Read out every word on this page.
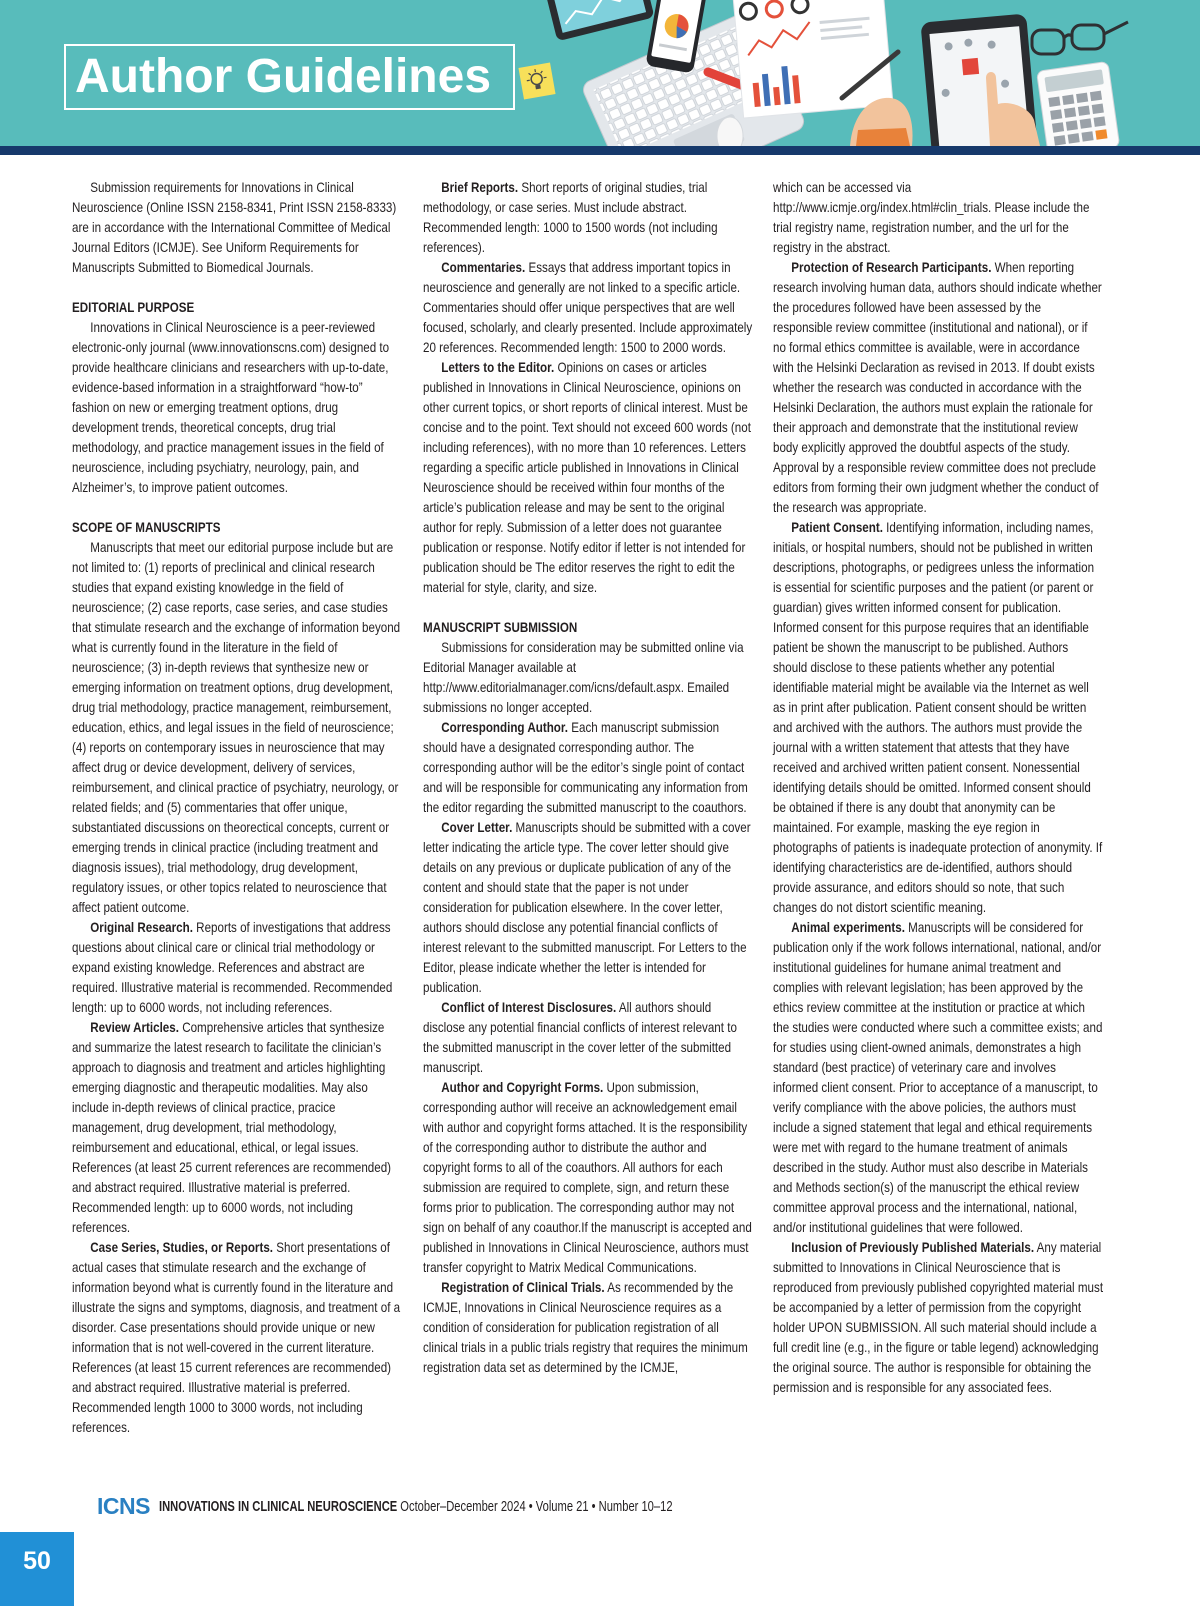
Author Guidelines

Submission requirements for Innovations in Clinical Neuroscience (Online ISSN 2158-8341, Print ISSN 2158-8333) are in accordance with the International Committee of Medical Journal Editors (ICMJE). See Uniform Requirements for Manuscripts Submitted to Biomedical Journals.

EDITORIAL PURPOSE

Innovations in Clinical Neuroscience is a peer-reviewed electronic-only journal (www.innovationscns.com) designed to provide healthcare clinicians and researchers with up-to-date, evidence-based information in a straightforward “how-to” fashion on new or emerging treatment options, drug development trends, theoretical concepts, drug trial methodology, and practice management issues in the field of neuroscience, including psychiatry, neurology, pain, and Alzheimer’s, to improve patient outcomes.

SCOPE OF MANUSCRIPTS

Manuscripts that meet our editorial purpose include but are not limited to: (1) reports of preclinical and clinical research studies that expand existing knowledge in the field of neuroscience; (2) case reports, case series, and case studies that stimulate research and the exchange of information beyond what is currently found in the literature in the field of neuroscience; (3) in-depth reviews that synthesize new or emerging information on treatment options, drug development, drug trial methodology, practice management, reimbursement, education, ethics, and legal issues in the field of neuroscience; (4) reports on contemporary issues in neuroscience that may affect drug or device development, delivery of services, reimbursement, and clinical practice of psychiatry, neurology, or related fields; and (5) commentaries that offer unique, substantiated discussions on theorectical concepts, current or emerging trends in clinical practice (including treatment and diagnosis issues), trial methodology, drug development, regulatory issues, or other topics related to neuroscience that affect patient outcome.

Original Research. Reports of investigations that address questions about clinical care or clinical trial methodology or expand existing knowledge. References and abstract are required. Illustrative material is recommended. Recommended length: up to 6000 words, not including references.

Review Articles. Comprehensive articles that synthesize and summarize the latest research to facilitate the clinician’s approach to diagnosis and treatment and articles highlighting emerging diagnostic and therapeutic modalities. May also include in-depth reviews of clinical practice, pracice management, drug development, trial methodology, reimbursement and educational, ethical, or legal issues. References (at least 25 current references are recommended) and abstract required. Illustrative material is preferred. Recommended length: up to 6000 words, not including references.

Case Series, Studies, or Reports. Short presentations of actual cases that stimulate research and the exchange of information beyond what is currently found in the literature and illustrate the signs and symptoms, diagnosis, and treatment of a disorder. Case presentations should provide unique or new information that is not well-covered in the current literature. References (at least 15 current references are recommended) and abstract required. Illustrative material is preferred. Recommended length 1000 to 3000 words, not including references.

Brief Reports. Short reports of original studies, trial methodology, or case series. Must include abstract. Recommended length: 1000 to 1500 words (not including references).

Commentaries. Essays that address important topics in neuroscience and generally are not linked to a specific article. Commentaries should offer unique perspectives that are well focused, scholarly, and clearly presented. Include approximately 20 references. Recommended length: 1500 to 2000 words.

Letters to the Editor. Opinions on cases or articles published in Innovations in Clinical Neuroscience, opinions on other current topics, or short reports of clinical interest. Must be concise and to the point. Text should not exceed 600 words (not including references), with no more than 10 references. Letters regarding a specific article published in Innovations in Clinical Neuroscience should be received within four months of the article’s publication release and may be sent to the original author for reply. Submission of a letter does not guarantee publication or response. Notify editor if letter is not intended for publication should be The editor reserves the right to edit the material for style, clarity, and size.

MANUSCRIPT SUBMISSION

Submissions for consideration may be submitted online via Editorial Manager available at http://www.editorialmanager.com/icns/default.aspx. Emailed submissions no longer accepted.

Corresponding Author. Each manuscript submission should have a designated corresponding author. The corresponding author will be the editor’s single point of contact and will be responsible for communicating any information from the editor regarding the submitted manuscript to the coauthors.

Cover Letter. Manuscripts should be submitted with a cover letter indicating the article type. The cover letter should give details on any previous or duplicate publication of any of the content and should state that the paper is not under consideration for publication elsewhere. In the cover letter, authors should disclose any potential financial conflicts of interest relevant to the submitted manuscript. For Letters to the Editor, please indicate whether the letter is intended for publication.

Conflict of Interest Disclosures. All authors should disclose any potential financial conflicts of interest relevant to the submitted manuscript in the cover letter of the submitted manuscript.

Author and Copyright Forms. Upon submission, corresponding author will receive an acknowledgement email with author and copyright forms attached. It is the responsibility of the corresponding author to distribute the author and copyright forms to all of the coauthors. All authors for each submission are required to complete, sign, and return these forms prior to publication. The corresponding author may not sign on behalf of any coauthor.If the manuscript is accepted and published in Innovations in Clinical Neuroscience, authors must transfer copyright to Matrix Medical Communications.

Registration of Clinical Trials. As recommended by the ICMJE, Innovations in Clinical Neuroscience requires as a condition of consideration for publication registration of all clinical trials in a public trials registry that requires the minimum registration data set as determined by the ICMJE,

which can be accessed via http://www.icmje.org/index.html#clin_trials. Please include the trial registry name, registration number, and the url for the registry in the abstract.

Protection of Research Participants. When reporting research involving human data, authors should indicate whether the procedures followed have been assessed by the responsible review committee (institutional and national), or if no formal ethics committee is available, were in accordance with the Helsinki Declaration as revised in 2013. If doubt exists whether the research was conducted in accordance with the Helsinki Declaration, the authors must explain the rationale for their approach and demonstrate that the institutional review body explicitly approved the doubtful aspects of the study. Approval by a responsible review committee does not preclude editors from forming their own judgment whether the conduct of the research was appropriate.

Patient Consent. Identifying information, including names, initials, or hospital numbers, should not be published in written descriptions, photographs, or pedigrees unless the information is essential for scientific purposes and the patient (or parent or guardian) gives written informed consent for publication. Informed consent for this purpose requires that an identifiable patient be shown the manuscript to be published. Authors should disclose to these patients whether any potential identifiable material might be available via the Internet as well as in print after publication. Patient consent should be written and archived with the authors. The authors must provide the journal with a written statement that attests that they have received and archived written patient consent. Nonessential identifying details should be omitted. Informed consent should be obtained if there is any doubt that anonymity can be maintained. For example, masking the eye region in photographs of patients is inadequate protection of anonymity. If identifying characteristics are de-identified, authors should provide assurance, and editors should so note, that such changes do not distort scientific meaning.

Animal experiments. Manuscripts will be considered for publication only if the work follows international, national, and/or institutional guidelines for humane animal treatment and complies with relevant legislation; has been approved by the ethics review committee at the institution or practice at which the studies were conducted where such a committee exists; and for studies using client-owned animals, demonstrates a high standard (best practice) of veterinary care and involves informed client consent. Prior to acceptance of a manuscript, to verify compliance with the above policies, the authors must include a signed statement that legal and ethical requirements were met with regard to the humane treatment of animals described in the study. Author must also describe in Materials and Methods section(s) of the manuscript the ethical review committee approval process and the international, national, and/or institutional guidelines that were followed.

Inclusion of Previously Published Materials. Any material submitted to Innovations in Clinical Neuroscience that is reproduced from previously published copyrighted material must be accompanied by a letter of permission from the copyright holder UPON SUBMISSION. All such material should include a full credit line (e.g., in the figure or table legend) acknowledging the original source. The author is responsible for obtaining the permission and is responsible for any associated fees.

ICNS INNOVATIONS IN CLINICAL NEUROSCIENCE October–December 2024 • Volume 21 • Number 10–12
50
